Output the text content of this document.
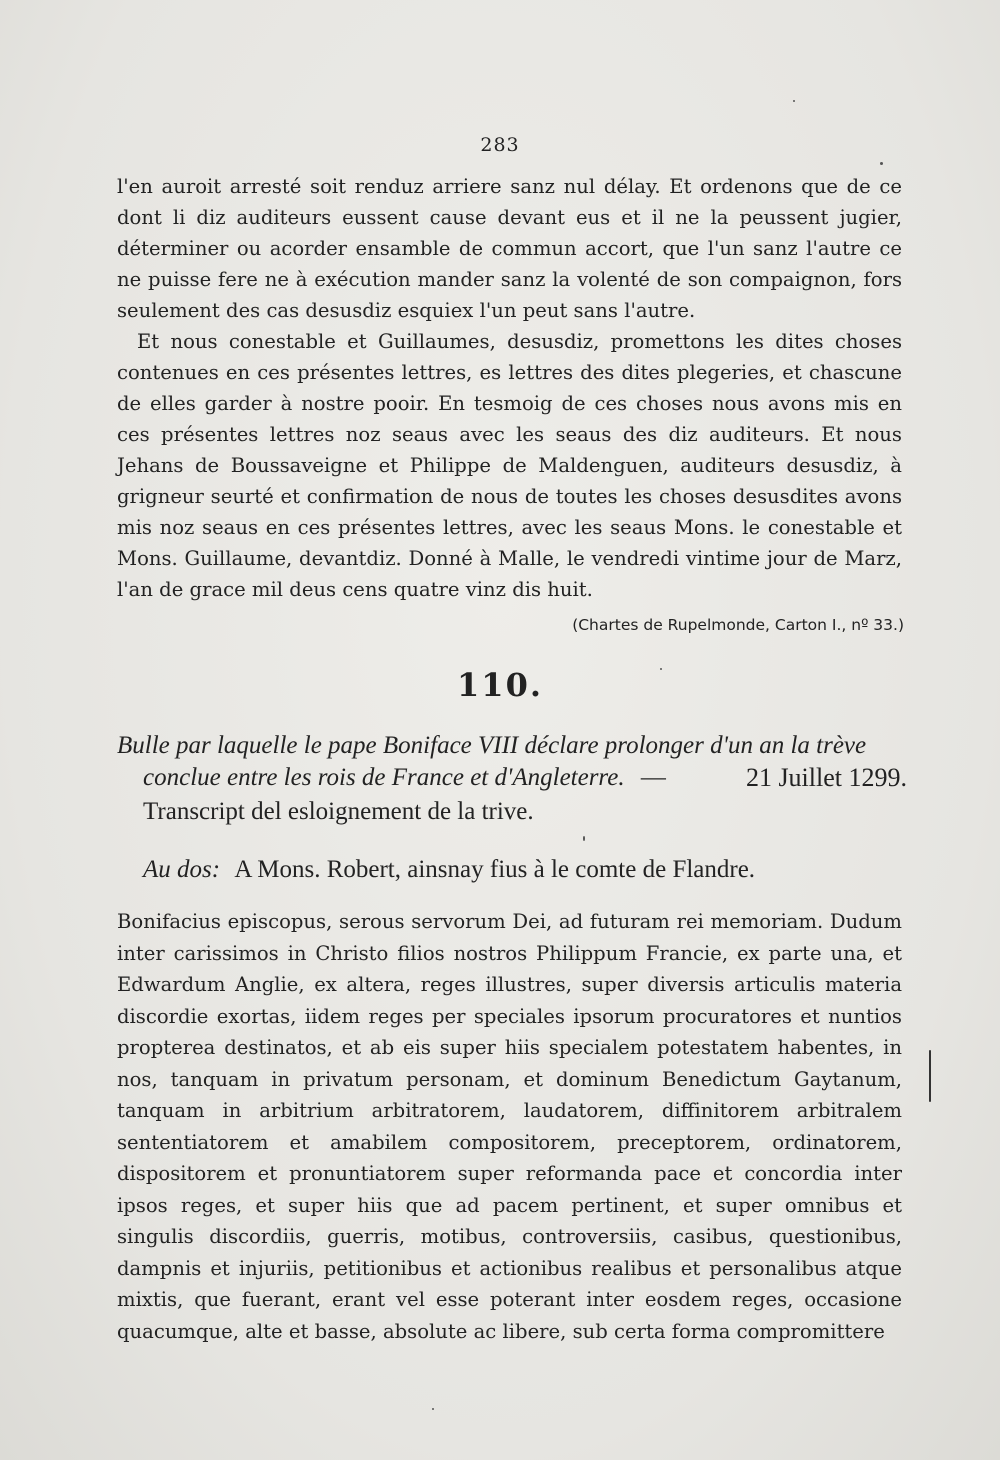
283

l'en auroit arresté soit renduz arriere sanz nul délay. Et ordenons que de ce dont li diz auditeurs eussent cause devant eus et il ne la peussent jugier, déterminer ou acorder ensamble de commun accort, que l'un sanz l'autre ce ne puisse fere ne à exécution mander sanz la volenté de son compaignon, fors seulement des cas desusdiz esquiex l'un peut sans l'autre.

Et nous conestable et Guillaumes, desusdiz, promettons les dites choses contenues en ces présentes lettres, es lettres des dites plegeries, et chascune de elles garder à nostre pooir. En tesmoig de ces choses nous avons mis en ces présentes lettres noz seaus avec les seaus des diz auditeurs. Et nous Jehans de Boussaveigne et Philippe de Maldenguen, auditeurs desusdiz, à grigneur seurté et confirmation de nous de toutes les choses desusdites avons mis noz seaus en ces présentes lettres, avec les seaus Mons. le conestable et Mons. Guillaume, devantdiz. Donné à Malle, le vendredi vintime jour de Marz, l'an de grace mil deus cens quatre vinz dis huit.

(Chartes de Rupelmonde, Carton I., nº 33.)
110.
Bulle par laquelle le pape Boniface VIII déclare prolonger d'un an la trève
conclue entre les rois de France et d'Angleterre. —	21 Juillet 1299.
Transcript del esloignement de la trive.
Au dos: A Mons. Robert, ainsnay fius à le comte de Flandre.

Bonifacius episcopus, serous servorum Dei, ad futuram rei memoriam. Dudum inter carissimos in Christo filios nostros Philippum Francie, ex parte una, et Edwardum Anglie, ex altera, reges illustres, super diversis articulis materia discordie exortas, iidem reges per speciales ipsorum procuratores et nuntios propterea destinatos, et ab eis super hiis specialem potestatem habentes, in nos, tanquam in privatum personam, et dominum Benedictum Gaytanum, tanquam in arbitrium arbitratorem, laudatorem, diffinitorem arbitralem sententiatorem et amabilem compositorem, preceptorem, ordinatorem, dispositorem et pronuntiatorem super reformanda pace et concordia inter ipsos reges, et super hiis que ad pacem pertinent, et super omnibus et singulis discordiis, guerris, motibus, controversiis, casibus, questionibus, dampnis et injuriis, petitionibus et actionibus realibus et personalibus atque mixtis, que fuerant, erant vel esse poterant inter eosdem reges, occasione quacumque, alte et basse, absolute ac libere, sub certa forma compromittere
